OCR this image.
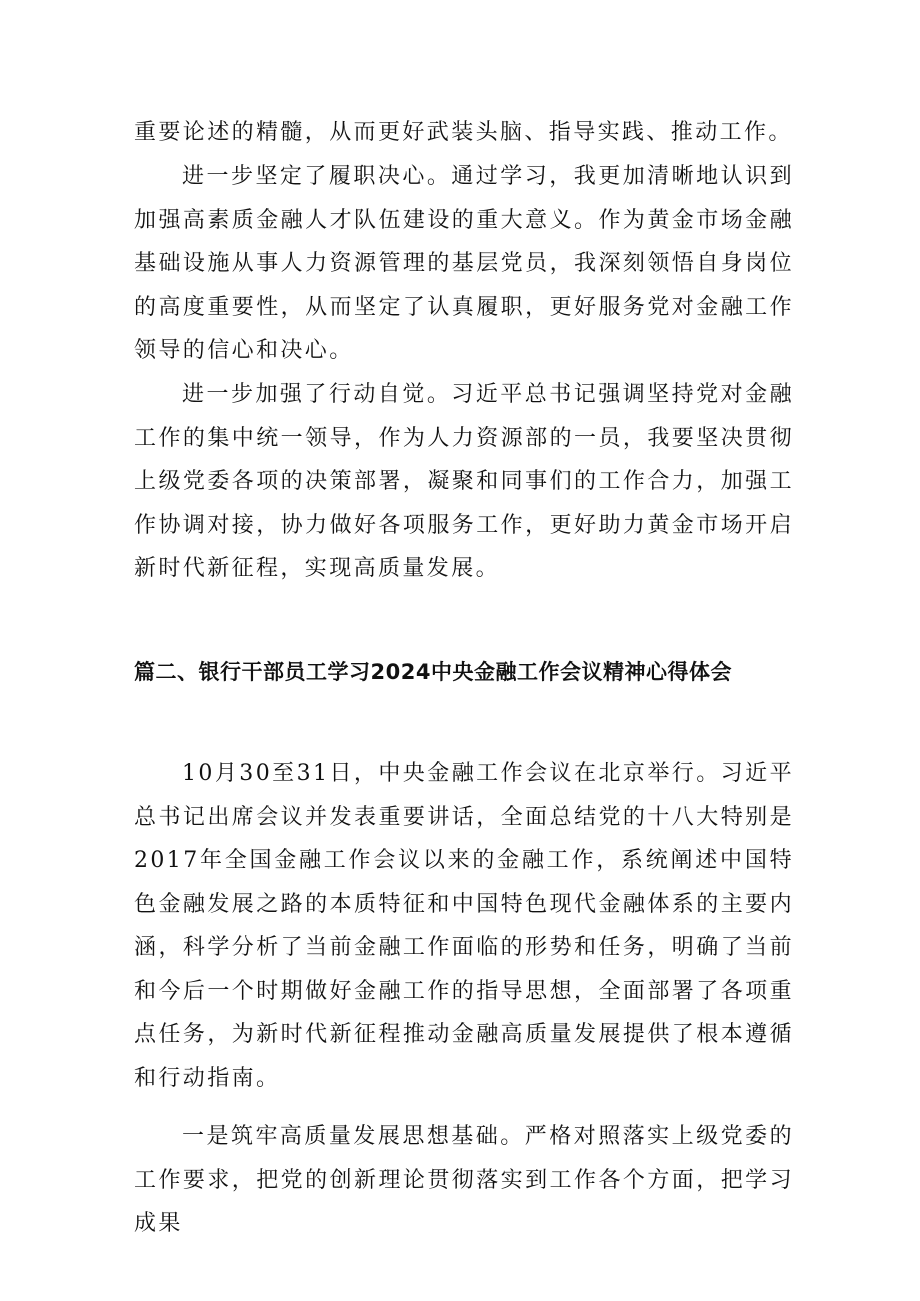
重要论述的精髓，从而更好武装头脑、指导实践、推动工作。

进一步坚定了履职决心。通过学习，我更加清晰地认识到加强高素质金融人才队伍建设的重大意义。作为黄金市场金融基础设施从事人力资源管理的基层党员，我深刻领悟自身岗位的高度重要性，从而坚定了认真履职，更好服务党对金融工作领导的信心和决心。

进一步加强了行动自觉。习近平总书记强调坚持党对金融工作的集中统一领导，作为人力资源部的一员，我要坚决贯彻上级党委各项的决策部署，凝聚和同事们的工作合力，加强工作协调对接，协力做好各项服务工作，更好助力黄金市场开启新时代新征程，实现高质量发展。

篇二、银行干部员工学习2024中央金融工作会议精神心得体会

10月30至31日，中央金融工作会议在北京举行。习近平总书记出席会议并发表重要讲话，全面总结党的十八大特别是2017年全国金融工作会议以来的金融工作，系统阐述中国特色金融发展之路的本质特征和中国特色现代金融体系的主要内涵，科学分析了当前金融工作面临的形势和任务，明确了当前和今后一个时期做好金融工作的指导思想，全面部署了各项重点任务，为新时代新征程推动金融高质量发展提供了根本遵循和行动指南。

一是筑牢高质量发展思想基础。严格对照落实上级党委的工作要求，把党的创新理论贯彻落实到工作各个方面，把学习成果
